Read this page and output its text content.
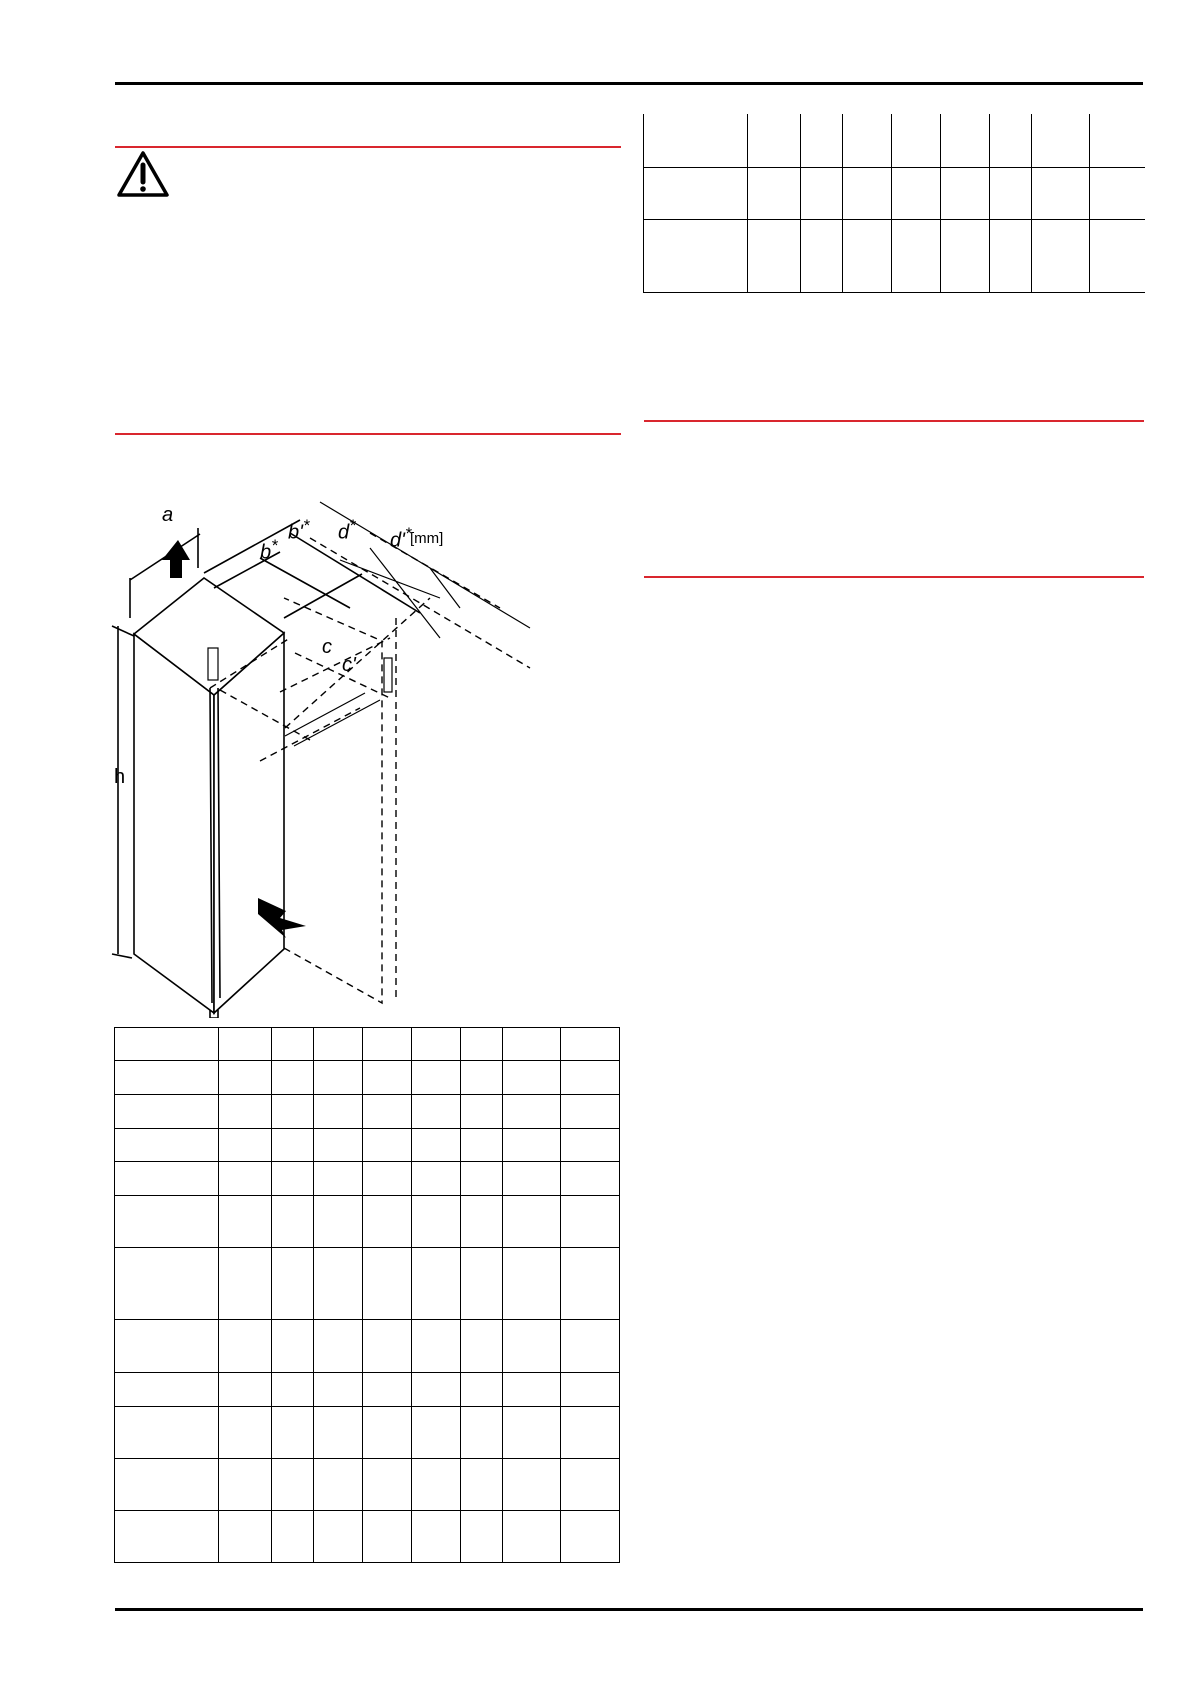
a
b*
b'* d*
d'*
c
c'
h
[mm]
